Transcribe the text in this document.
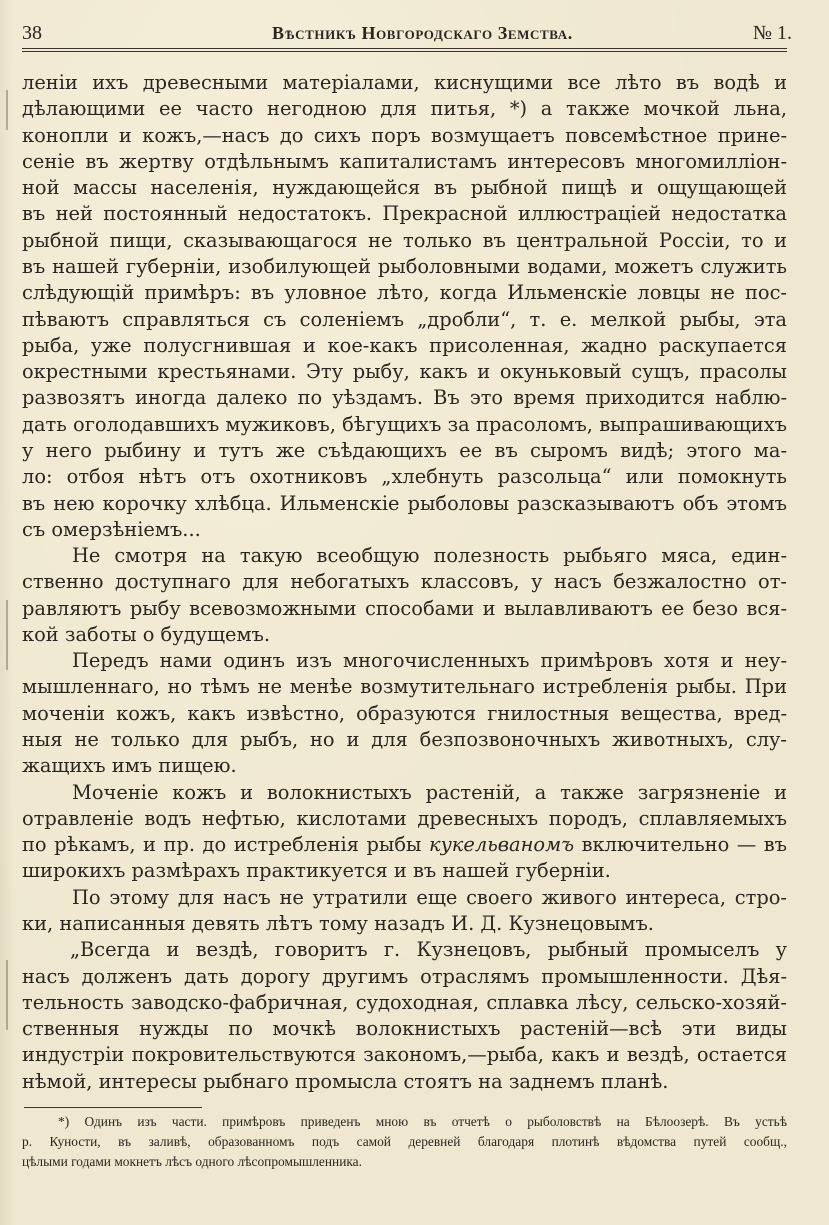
38	Вѣстникъ Новгородскаго Земства.	№ 1.
леніи ихъ древесными матеріалами, киснущими все лѣто въ водѣ и
дѣлающими ее часто негодною для питья, *) а также мочкой льна,
конопли и кожъ,—насъ до сихъ поръ возмущаетъ повсемѣстное прине-
сеніе въ жертву отдѣльнымъ капиталистамъ интересовъ многомилліон-
ной массы населенія, нуждающейся въ рыбной пищѣ и ощущающей
въ ней постоянный недостатокъ. Прекрасной иллюстраціей недостатка
рыбной пищи, сказывающагося не только въ центральной Россіи, то и
въ нашей губерніи, изобилующей рыболовными водами, можетъ служить
слѣдующій примѣръ: въ уловное лѣто, когда Ильменскіе ловцы не пос-
пѣваютъ справляться съ соленіемъ „дробли“, т. е. мелкой рыбы, эта
рыба, уже полусгнившая и кое-какъ присоленная, жадно раскупается
окрестными крестьянами. Эту рыбу, какъ и окуньковый сущъ, прасолы
развозятъ иногда далеко по уѣздамъ. Въ это время приходится наблю-
дать оголодавшихъ мужиковъ, бѣгущихъ за прасоломъ, выпрашивающихъ
у него рыбину и тутъ же съѣдающихъ ее въ сыромъ видѣ; этого ма-
ло: отбоя нѣтъ отъ охотниковъ „хлебнуть разсольца“ или помокнуть
въ нею корочку хлѣбца. Ильменскіе рыболовы разсказываютъ объ этомъ
съ омерзѣніемъ...
Не смотря на такую всеобщую полезность рыбьяго мяса, един-
ственно доступнаго для небогатыхъ классовъ, у насъ безжалостно от-
равляютъ рыбу всевозможными способами и вылавливаютъ ее безо вся-
кой заботы о будущемъ.
Передъ нами одинъ изъ многочисленныхъ примѣровъ хотя и неу-
мышленнаго, но тѣмъ не менѣе возмутительнаго истребленія рыбы. При
моченіи кожъ, какъ извѣстно, образуются гнилостныя вещества, вред-
ныя не только для рыбъ, но и для безпозвоночныхъ животныхъ, слу-
жащихъ имъ пищею.
Моченіе кожъ и волокнистыхъ растеній, а также загрязненіе и
отравленіе водъ нефтью, кислотами древесныхъ породъ, сплавляемыхъ
по рѣкамъ, и пр. до истребленія рыбы кукельваномъ включительно — въ
широкихъ размѣрахъ практикуется и въ нашей губерніи.
По этому для насъ не утратили еще своего живого интереса, стро-
ки, написанныя девять лѣтъ тому назадъ И. Д. Кузнецовымъ.
„Всегда и вездѣ, говоритъ г. Кузнецовъ, рыбный промыселъ у
насъ долженъ дать дорогу другимъ отраслямъ промышленности. Дѣя-
тельность заводско-фабричная, судоходная, сплавка лѣсу, сельско-хозяй-
ственныя нужды по мочкѣ волокнистыхъ растеній—всѣ эти виды
индустріи покровительствуются закономъ,—рыба, какъ и вездѣ, остается
нѣмой, интересы рыбнаго промысла стоятъ на заднемъ планѣ.
*) Одинъ изъ части. примѣровъ приведенъ мною въ отчетѣ о рыболовствѣ на Бѣлоозерѣ. Въ устьѣ
р. Куности, въ заливѣ, образованномъ подъ самой деревней благодаря плотинѣ вѣдомства путей сообщ.,
цѣлыми годами мокнетъ лѣсъ одного лѣсопромышленника.
